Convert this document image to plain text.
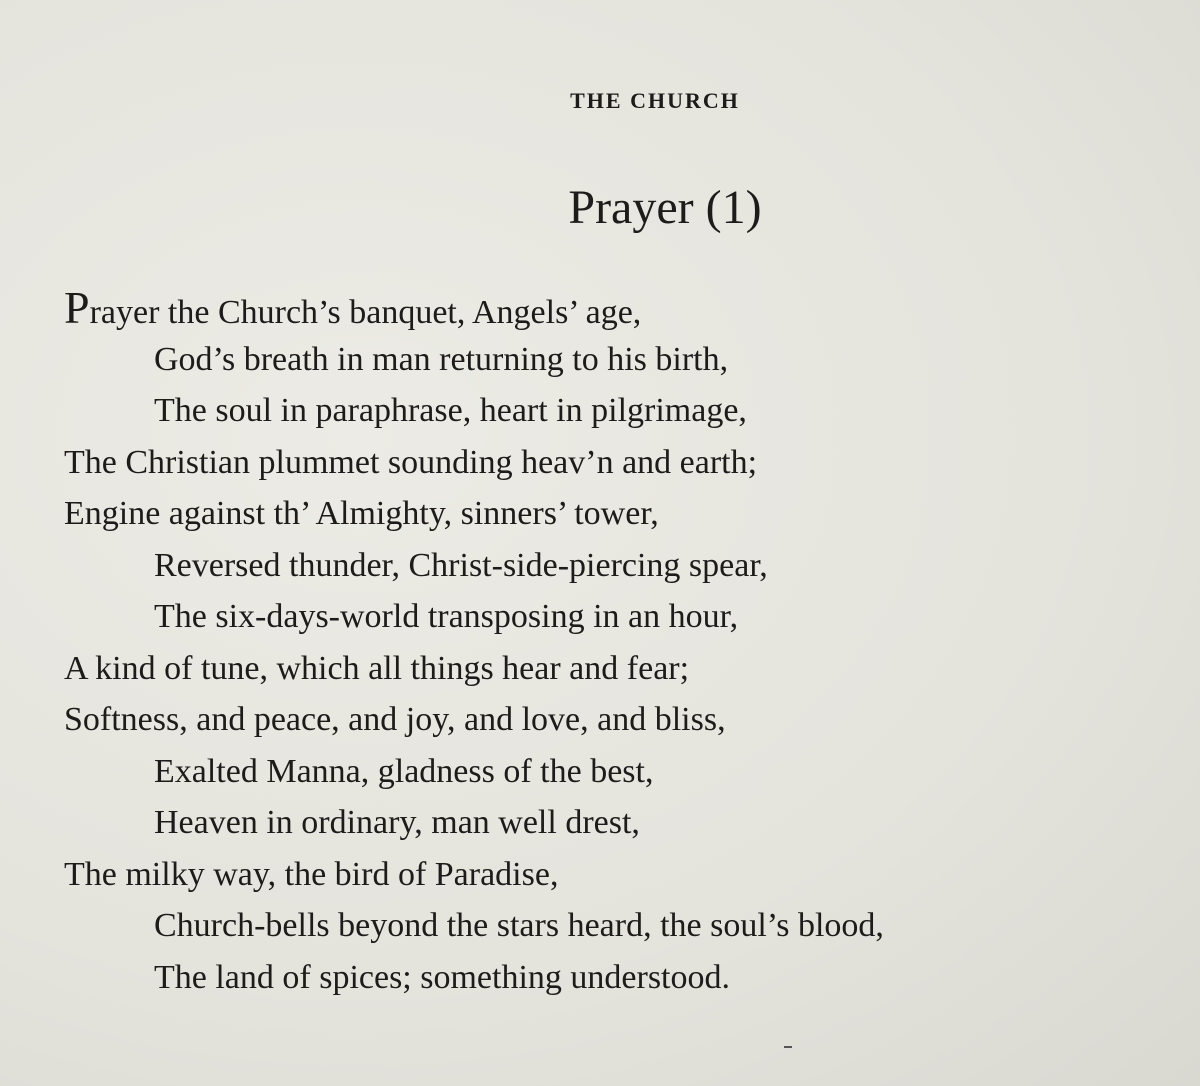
THE CHURCH
Prayer (1)
Prayer the Church’s banquet, Angels’ age,
God’s breath in man returning to his birth,
The soul in paraphrase, heart in pilgrimage,
The Christian plummet sounding heav’n and earth;
Engine against th’ Almighty, sinners’ tower,
Reversed thunder, Christ-side-piercing spear,
The six-days-world transposing in an hour,
A kind of tune, which all things hear and fear;
Softness, and peace, and joy, and love, and bliss,
Exalted Manna, gladness of the best,
Heaven in ordinary, man well drest,
The milky way, the bird of Paradise,
Church-bells beyond the stars heard, the soul’s blood,
The land of spices; something understood.
